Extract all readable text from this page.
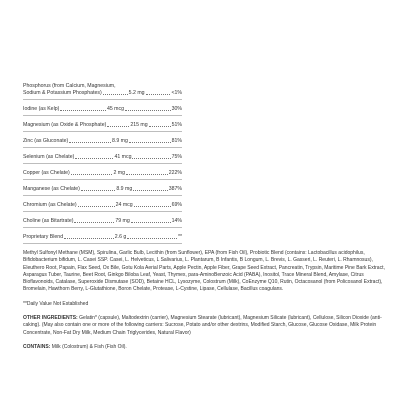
Phosphorus (from Calcium, Magnesium,
Sodium & Potassium Phosphates)	5.2 mg	<1%
Iodine (as Kelp)	45 mcg	30%
Magnesium (as Oxide & Phosphate)	215 mg	51%
Zinc (as Gluconate)	8.9 mg	81%
Selenium (as Chelate)	41 mcg	75%
Copper (as Chelate)	2 mg	222%
Manganese (as Chelate)	8.9 mg	387%
Chromium (as Chelate)	24 mcg	69%
Choline (as Bitartrate)	79 mg	14%
Proprietary Blend	2.6 g	**
Methyl Sulfonyl Methane (MSM), Spirulina, Garlic Bulb, Lecithin (from Sunflower), EPA (from Fish Oil), Probiotic Blend (contains: Lactobacillus acidophilus, Bifidobacterium bifidum, L. Casei SSP. Casei, L. Helveticus, L Salivarius, L. Plantarum, B Infantis, B Longum, L. Brevis, L. Gasseri, L. Reuteri, L. Rhamnosus), Eleuthero Root, Papain, Flax Seed, Ox Bile, Gotu Kola Aerial Parts, Apple Pectin, Apple Fiber, Grape Seed Extract, Pancreatin, Trypsin, Maritime Pine Bark Extract, Asparagus Tuber, Taurine, Beet Root, Ginkgo Biloba Leaf, Yeast, Thymex, para-AminoBenzoic Acid (PABA), Inositol, Trace Mineral Blend, Amylase, Citrus Bioflavonoids, Catalase, Superoxide Dismutase (SOD), Betaine HCL, Lysozyme, Colostrum (Milk), CoEnzyme Q10, Rutin, Octacosanol (from Policosanol Extract), Bromelain, Hawthorn Berry, L-Glutathione, Boron Chelate, Protease, L-Cystine, Lipase, Cellulase, Bacillus coagulans.
**Daily Value Not Established
OTHER INGREDIENTS: Gelatin* (capsule), Maltodextrin (carrier), Magnesium Stearate (lubricant), Magnesium Silicate (lubricant), Cellulose, Silicon Dioxide (anti-caking). (May also contain one or more of the following carriers: Sucrose, Potato and/or other dextrins, Modified Starch, Glucose, Glucose Oxidase, Milk Protein Concentrate, Non-Fat Dry Milk, Medium Chain Triglycerides, Natural Flavor)
CONTAINS: Milk (Colostrum) & Fish (Fish Oil).
